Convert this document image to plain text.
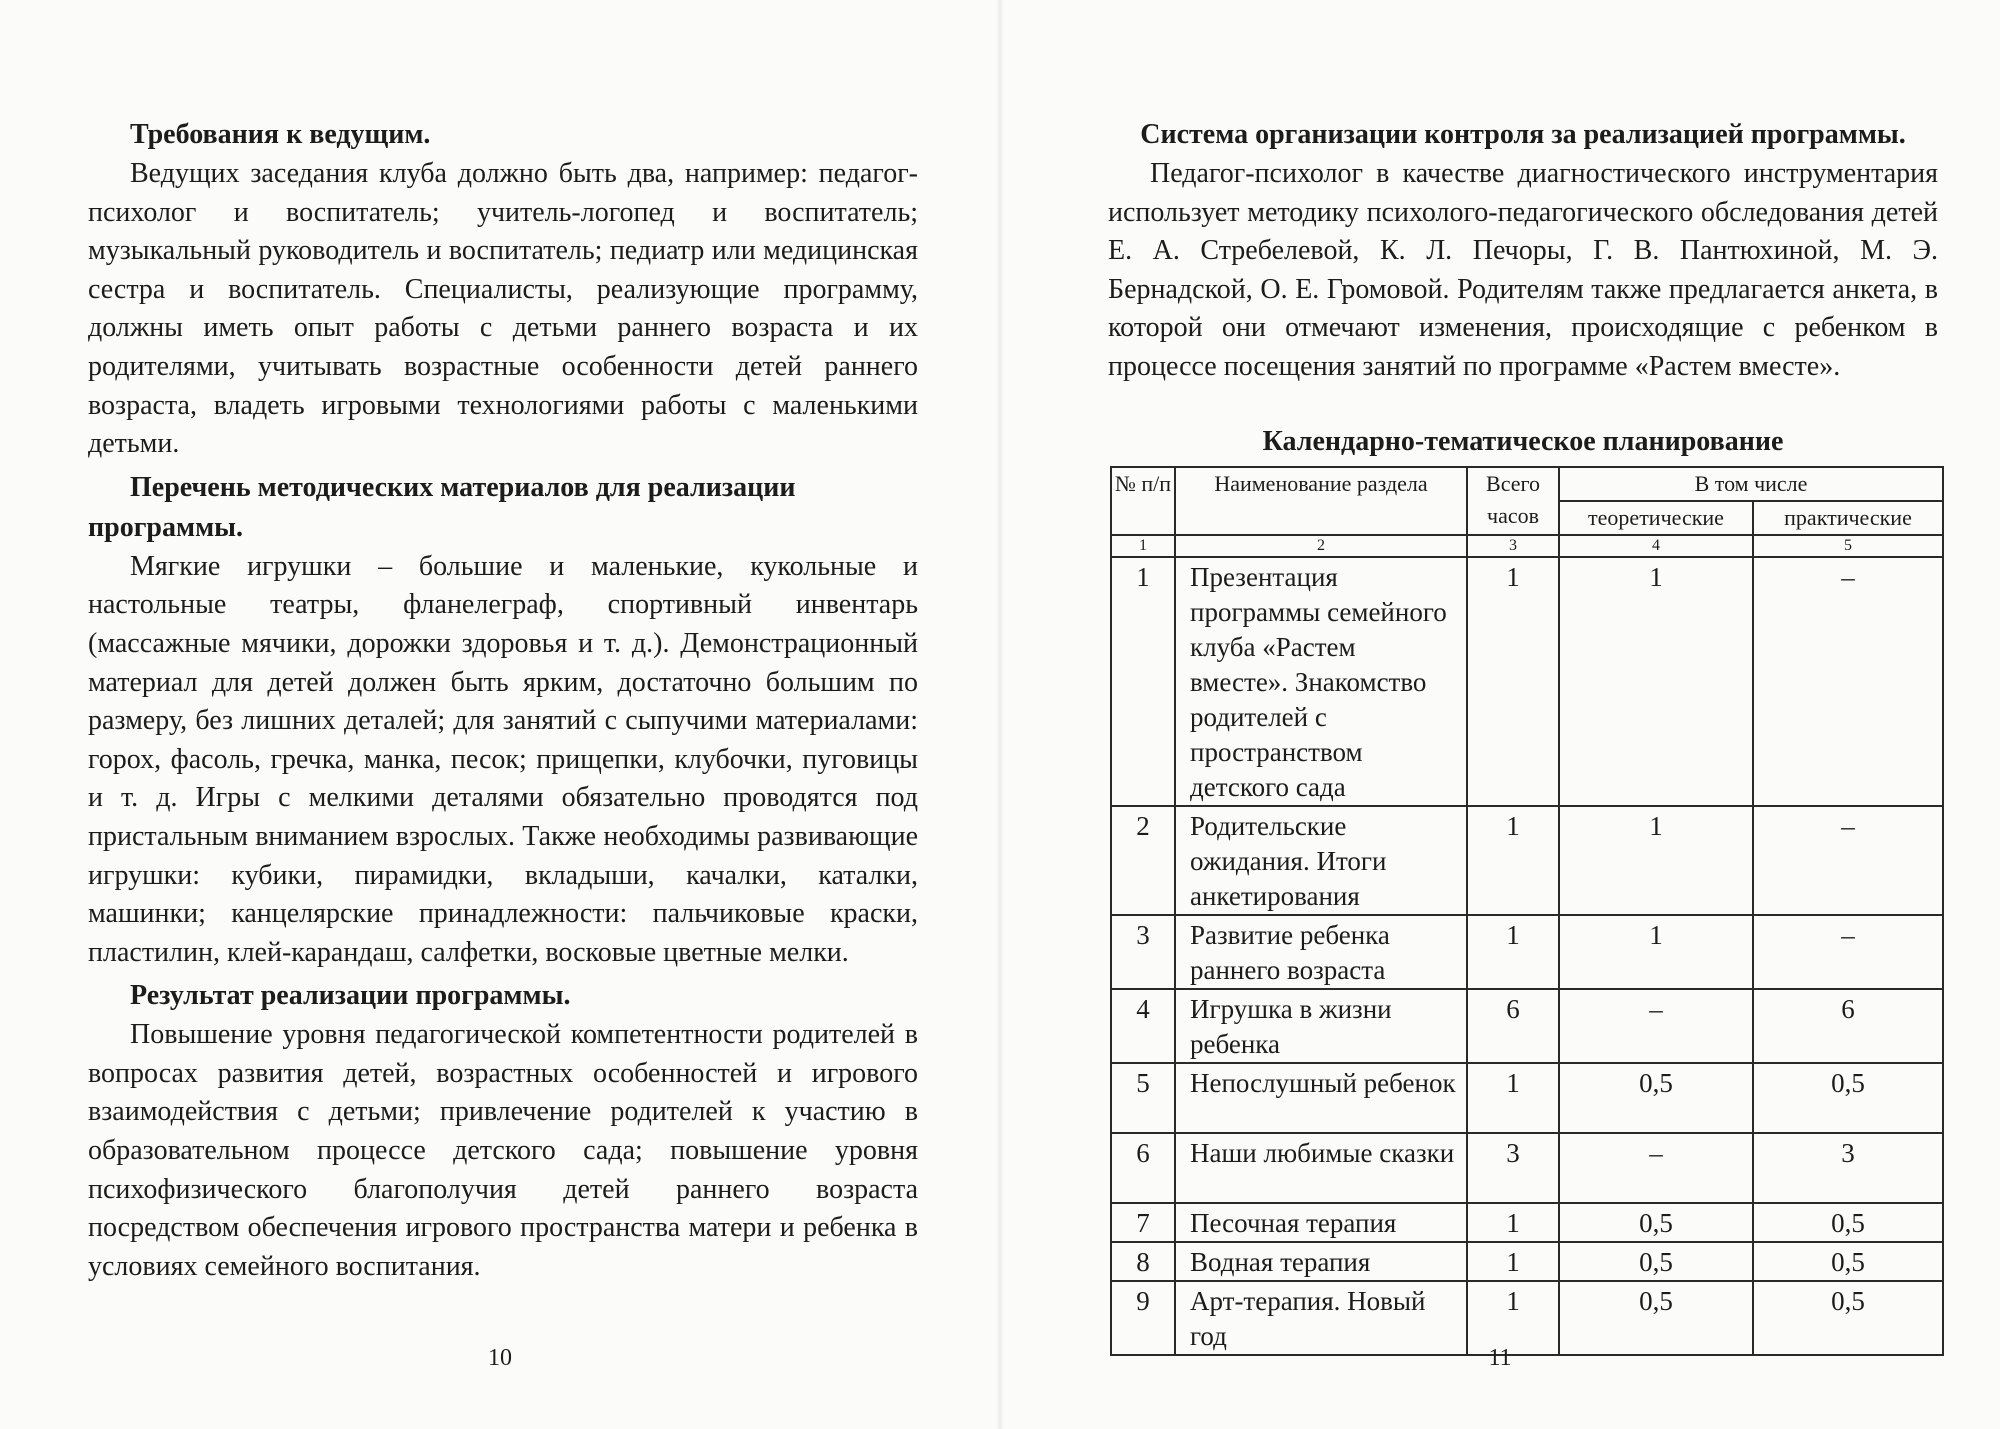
Требования к ведущим.

Ведущих заседания клуба должно быть два, например: педагог-психолог и воспитатель; учитель-логопед и воспитатель; музыкальный руководитель и воспитатель; педиатр или медицинская сестра и воспитатель. Специалисты, реализующие программу, должны иметь опыт работы с детьми раннего возраста и их родителями, учитывать возрастные особенности детей раннего возраста, владеть игровыми технологиями работы с маленькими детьми.

Перечень методических материалов для реализации программы.

Мягкие игрушки – большие и маленькие, кукольные и настольные театры, фланелеграф, спортивный инвентарь (массажные мячики, дорожки здоровья и т. д.). Демонстрационный материал для детей должен быть ярким, достаточно большим по размеру, без лишних деталей; для занятий с сыпучими материалами: горох, фасоль, гречка, манка, песок; прищепки, клубочки, пуговицы и т. д. Игры с мелкими деталями обязательно проводятся под пристальным вниманием взрослых. Также необходимы развивающие игрушки: кубики, пирамидки, вкладыши, качалки, каталки, машинки; канцелярские принадлежности: пальчиковые краски, пластилин, клей-карандаш, салфетки, восковые цветные мелки.

Результат реализации программы.

Повышение уровня педагогической компетентности родителей в вопросах развития детей, возрастных особенностей и игрового взаимодействия с детьми; привлечение родителей к участию в образовательном процессе детского сада; повышение уровня психофизического благополучия детей раннего возраста посредством обеспечения игрового пространства матери и ребенка в условиях семейного воспитания.

10

Система организации контроля за реализацией программы.

Педагог-психолог в качестве диагностического инструментария использует методику психолого-педагогического обследования детей Е. А. Стребелевой, К. Л. Печоры, Г. В. Пантюхиной, М. Э. Бернадской, О. Е. Громовой. Родителям также предлагается анкета, в которой они отмечают изменения, происходящие с ребенком в процессе посещения занятий по программе «Растем вместе».

Календарно-тематическое планирование
№ п/п	Наименование раздела	Всего часов	В том числе	
			теоретические	практические
1	2	3	4	5
1	Презентация программы семейного клуба «Растем вместе». Знакомство родителей с пространством детского сада	1	1	–
2	Родительские ожидания. Итоги анкетирования	1	1	–
3	Развитие ребенка раннего возраста	1	1	–
4	Игрушка в жизни ребенка	6	–	6
5	Непослушный ребенок	1	0,5	0,5
6	Наши любимые сказки	3	–	3
7	Песочная терапия	1	0,5	0,5
8	Водная терапия	1	0,5	0,5
9	Арт-терапия. Новый год	1	0,5	0,5
11
